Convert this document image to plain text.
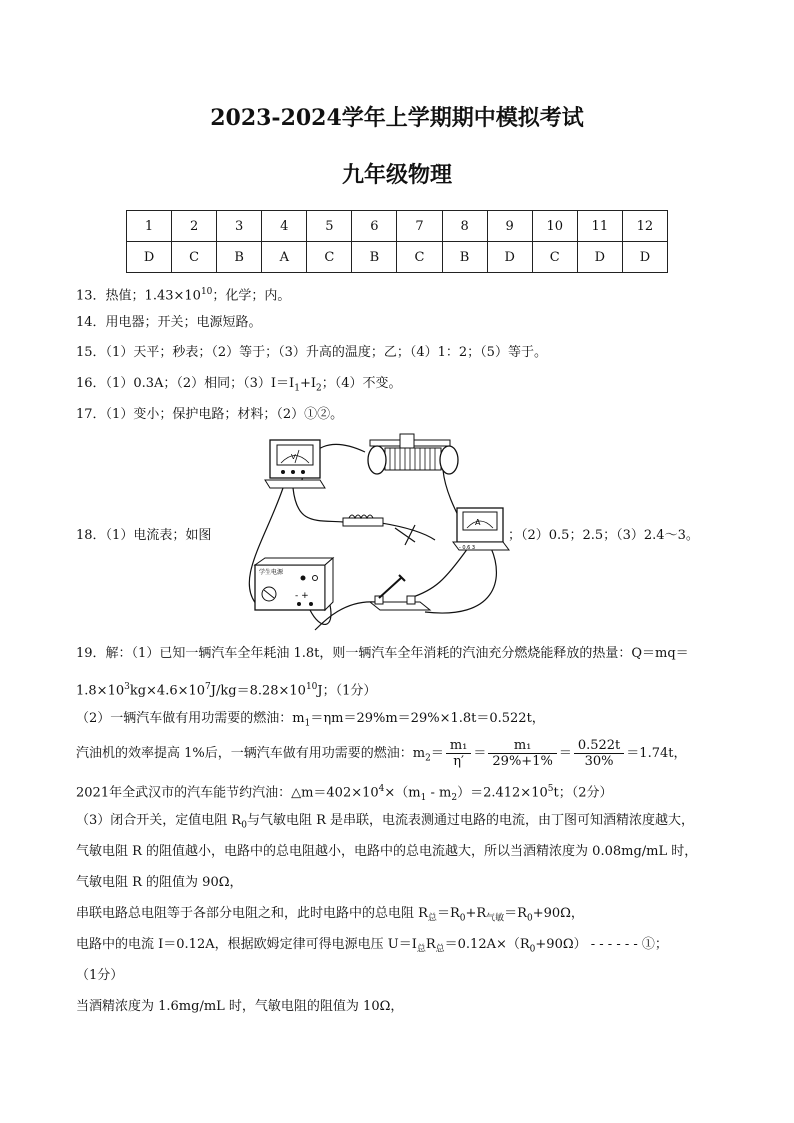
2023-2024学年上学期期中模拟考试
九年级物理
1	2	3	4	5	6	7	8	9	10	11	12
D	C	B	A	C	B	C	B	D	C	D	D
13．热值；$1.43\times 10^{10}$；化学；内。
14．用电器；开关；电源短路。
15．（1）天平；秒表；（2）等于；（3）升高的温度；乙；（4）1：2；（5）等于。
16．（1）0.3A；（2）相同；$(3)I=I_1+I_2$；（4）不变。
17．（1）变小；保护电路；材料；（2）①②。
18．（1）电流表；如图	；（2）0.5；2.5；（3）2.4～3。
V
A
- 0.6 3
学生电源
- +
19．解：（1）已知一辆汽车全年耗油 1.8t，则一辆汽车全年消耗的汽油充分燃烧能释放的热量：Q＝mq＝
$1.8\times 10^3kg\times 4.6\times 10^7J/kg=8.28\times 10^{10}J$；（1分）
（2）一辆汽车做有用功需要的燃油：$m_1=\eta m=29\%m=29\%\times 1.8t=0.522t$，
汽油机的效率提高 1%后，一辆汽车做有用功需要的燃油：$m_2= \frac{\text{m₁}}{\eta'} = \frac{\text{m₁}}{29\%+1\%} = \frac{0.522t}{30\%} =1.74t$，
2021年全武汉市的汽车能节约汽油：$\triangle m=402\times 10^4\times(m_1 - m_2)=2.412\times 10^5t$；（2分）
（3）闭合开关，定值电阻 $R_0$与气敏电阻 R 是串联，电流表测通过电路的电流，由丁图可知酒精浓度越大，
气敏电阻 R 的阻值越小，电路中的总电阻越小，电路中的总电流越大，所以当酒精浓度为 0.08mg/mL 时，
气敏电阻 R 的阻值为 90Ω，
串联电路总电阻等于各部分电阻之和，此时电路中的总电阻 $R_总=R_0+R_{气敏}=R_0+90\Omega$，
电路中的电流 I＝0.12A，根据欧姆定律可得电源电压 $U=I_总R_总=0.12A\times(R_0+90\Omega)$ - - - - - - ①；
（1分）
当酒精浓度为 1.6mg/mL 时，气敏电阻的阻值为 10Ω，
